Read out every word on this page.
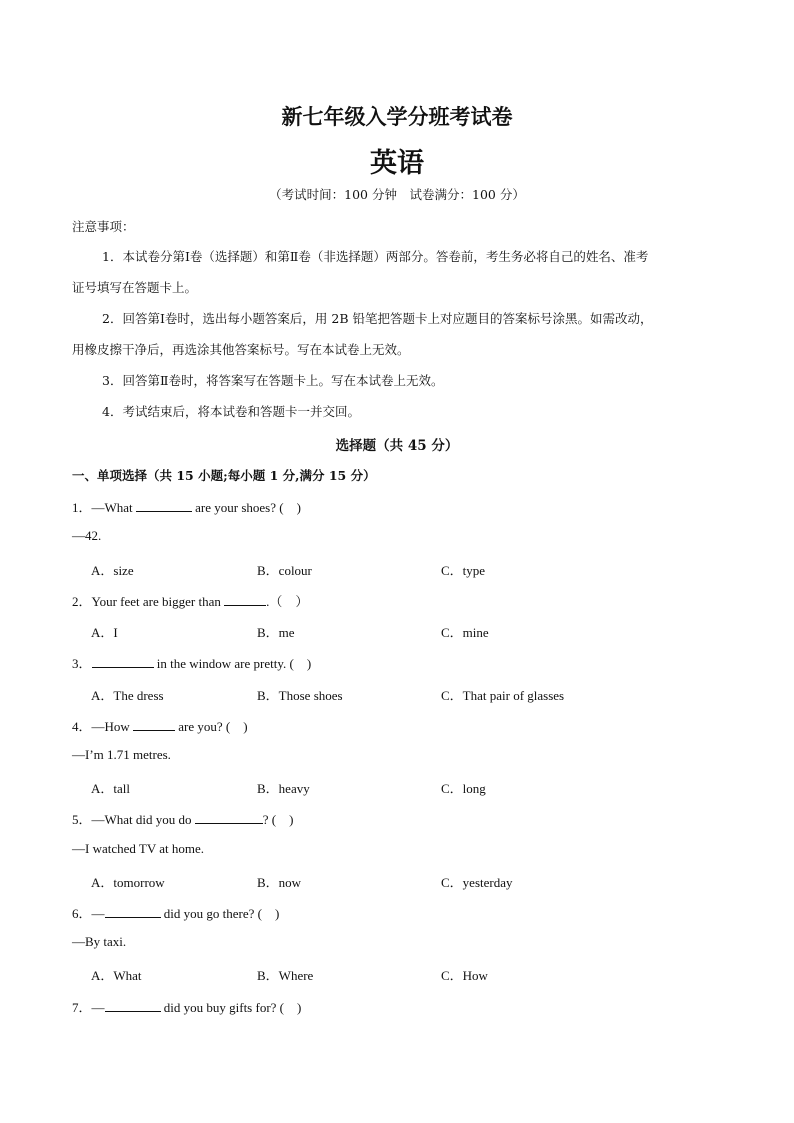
新七年级入学分班考试卷
英语
（考试时间：100 分钟　试卷满分：100 分）
注意事项：
1．本试卷分第Ⅰ卷（选择题）和第Ⅱ卷（非选择题）两部分。答卷前，考生务必将自己的姓名、准考
证号填写在答题卡上。
2．回答第Ⅰ卷时，选出每小题答案后，用 2B 铅笔把答题卡上对应题目的答案标号涂黑。如需改动，
用橡皮擦干净后，再选涂其他答案标号。写在本试卷上无效。
3．回答第Ⅱ卷时，将答案写在答题卡上。写在本试卷上无效。
4．考试结束后，将本试卷和答题卡一并交回。
选择题（共 45 分）
一、单项选择（共 15 小题;每小题 1 分,满分 15 分）
1．—What	are your shoes? (　)
—42.
A．size	B．colour	C．type
2．Your feet are bigger than	.（　）
A．I	B．me	C．mine
3．	in the window are pretty. (　)
A．The dress	B．Those shoes	C．That pair of glasses
4．—How	are you? (　)
—I’m 1.71 metres.
A．tall	B．heavy	C．long
5．—What did you do	? (　)
—I watched TV at home.
A．tomorrow	B．now	C．yesterday
6．—	did you go there? (　)
—By taxi.
A．What	B．Where	C．How
7．—	did you buy gifts for? (　)
